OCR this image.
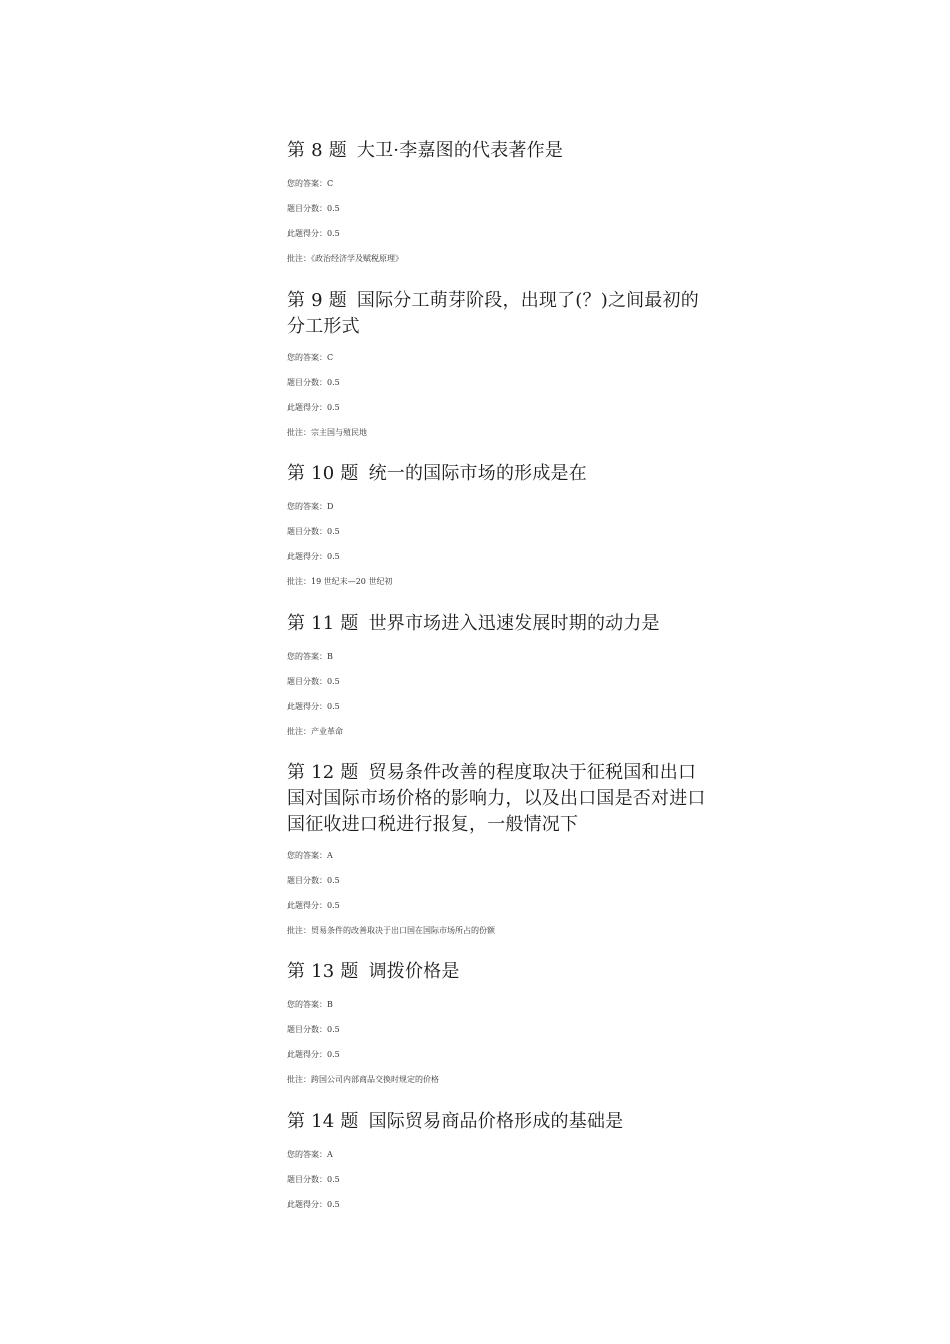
第 8 题 大卫·李嘉图的代表著作是

您的答案：C

题目分数：0.5

此题得分：0.5

批注：《政治经济学及赋税原理》

第 9 题 国际分工萌芽阶段，出现了(？)之间最初的分工形式

您的答案：C

题目分数：0.5

此题得分：0.5

批注：宗主国与殖民地

第 10 题 统一的国际市场的形成是在

您的答案：D

题目分数：0.5

此题得分：0.5

批注：19 世纪末—20 世纪初

第 11 题 世界市场进入迅速发展时期的动力是

您的答案：B

题目分数：0.5

此题得分：0.5

批注：产业革命

第 12 题 贸易条件改善的程度取决于征税国和出口国对国际市场价格的影响力，以及出口国是否对进口国征收进口税进行报复，一般情况下

您的答案：A

题目分数：0.5

此题得分：0.5

批注：贸易条件的改善取决于出口国在国际市场所占的份额

第 13 题 调拨价格是

您的答案：B

题目分数：0.5

此题得分：0.5

批注：跨国公司内部商品交换时规定的价格

第 14 题 国际贸易商品价格形成的基础是

您的答案：A

题目分数：0.5

此题得分：0.5
